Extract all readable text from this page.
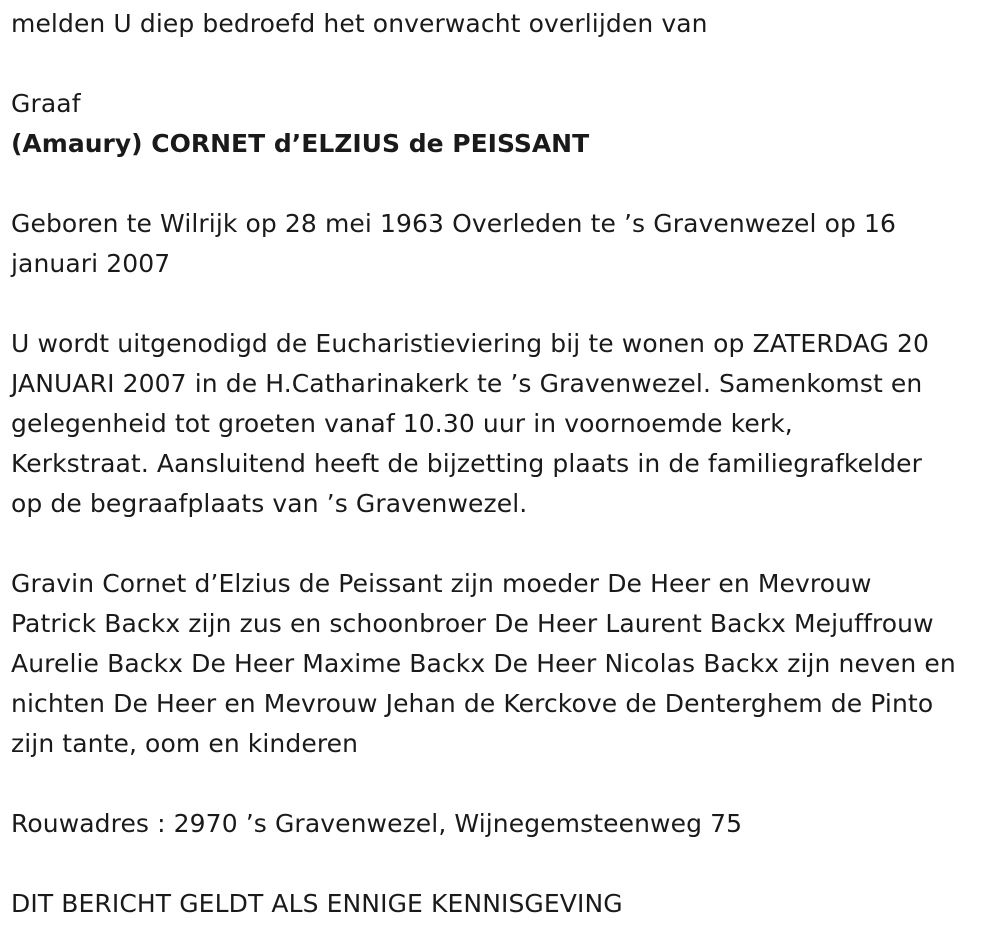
melden U diep bedroefd het onverwacht overlijden van

Graaf

(Amaury) CORNET d’ELZIUS de PEISSANT

Geboren te Wilrijk op 28 mei 1963 Overleden te ’s Gravenwezel op 16

januari 2007

U wordt uitgenodigd de Eucharistieviering bij te wonen op ZATERDAG 20

JANUARI 2007 in de H.Catharinakerk te ’s Gravenwezel. Samenkomst en

gelegenheid tot groeten vanaf 10.30 uur in voornoemde kerk,

Kerkstraat. Aansluitend heeft de bijzetting plaats in de familiegrafkelder

op de begraafplaats van ’s Gravenwezel.

Gravin Cornet d’Elzius de Peissant zijn moeder De Heer en Mevrouw

Patrick Backx zijn zus en schoonbroer De Heer Laurent Backx Mejuffrouw

Aurelie Backx De Heer Maxime Backx De Heer Nicolas Backx zijn neven en

nichten De Heer en Mevrouw Jehan de Kerckove de Denterghem de Pinto

zijn tante, oom en kinderen

Rouwadres : 2970 ’s Gravenwezel, Wijnegemsteenweg 75

DIT BERICHT GELDT ALS ENNIGE KENNISGEVING
